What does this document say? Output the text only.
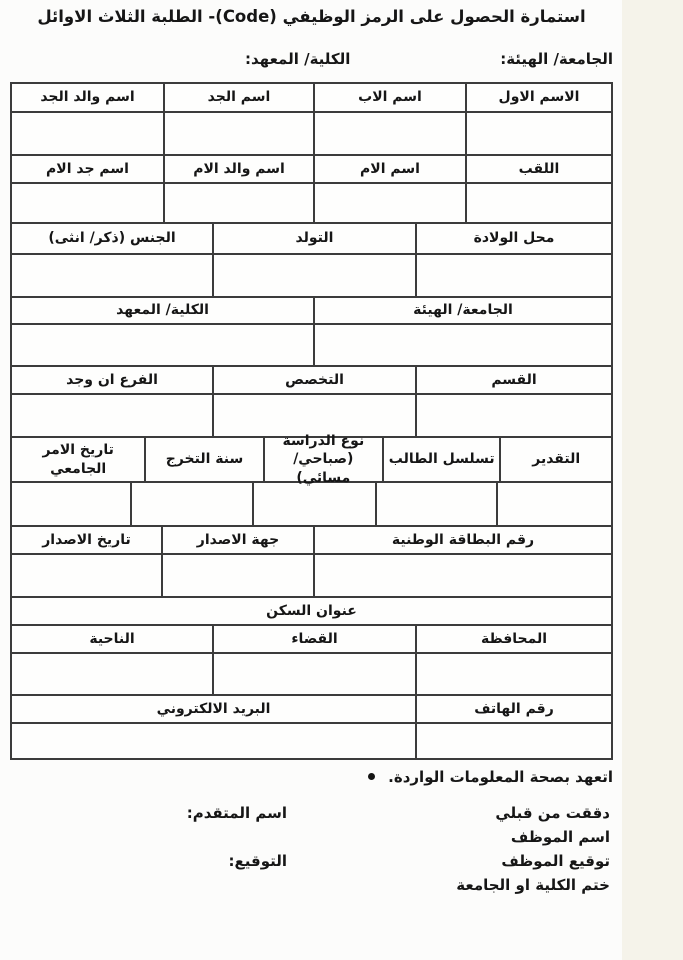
استمارة الحصول على الرمز الوظيفي (Code)- الطلبة الثلاث الاوائل
الجامعة/ الهيئة:
الكلية/ المعهد:
الاسم الاول
اسم الاب
اسم الجد
اسم والد الجد
اللقب
اسم الام
اسم والد الام
اسم جد الام
محل الولادة
التولد
الجنس (ذكر/ انثى)
الجامعة/ الهيئة
الكلية/ المعهد
القسم
التخصص
الفرع ان وجد
التقدير
تسلسل الطالب
نوع الدراسة
(صباحي/ مسائي)
سنة التخرج
تاريخ الامر الجامعي
رقم البطاقة الوطنية
جهة الاصدار
تاريخ الاصدار
عنوان السكن
المحافظة
القضاء
الناحية
رقم الهاتف
البريد الالكتروني
اتعهد بصحة المعلومات الواردة.
دققت من قبلي
اسم المتقدم:
اسم الموظف
توقيع الموظف
التوقيع:
ختم الكلية او الجامعة
